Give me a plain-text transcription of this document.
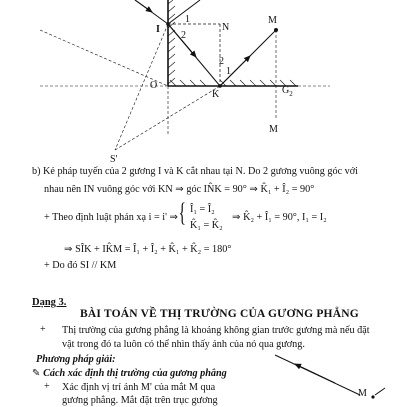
I
1
2
N
M
2
1
O
K	$G_2$
M
S'
b) Kẻ pháp tuyến của 2 gương I và K cắt nhau tại N. Do 2 gương vuông góc với
nhau nên IN vuông góc với KN ⇒ góc IN̂K = 90° ⇒ K̂₁ + Î₂ = 90°
+ Theo định luật phản xạ i = i' ⇒ { Î₁ = Î₂
K̂₁ = K̂₂
⇒ K̂₂ + Î₁ = 90°, I₁ = I₂
⇒ SÎK + IK̂M = Î₁ + Î₂ + K̂₁ + K̂₂ = 180°
+ Do đó SI // KM
Dạng 3.
BÀI TOÁN VỀ THỊ TRƯỜNG CỦA GƯƠNG PHẲNG
+ Thị trường của gương phẳng là khoảng không gian trước gương mà nếu đặt
vật trong đó ta luôn có thể nhìn thấy ảnh của nó qua gương.
Phương pháp giải:
✎ Cách xác định thị trường của gương phẳng
+ Xác định vị trí ảnh M' của mắt M qua
gương phẳng. Mắt đặt trên trục gương
M
